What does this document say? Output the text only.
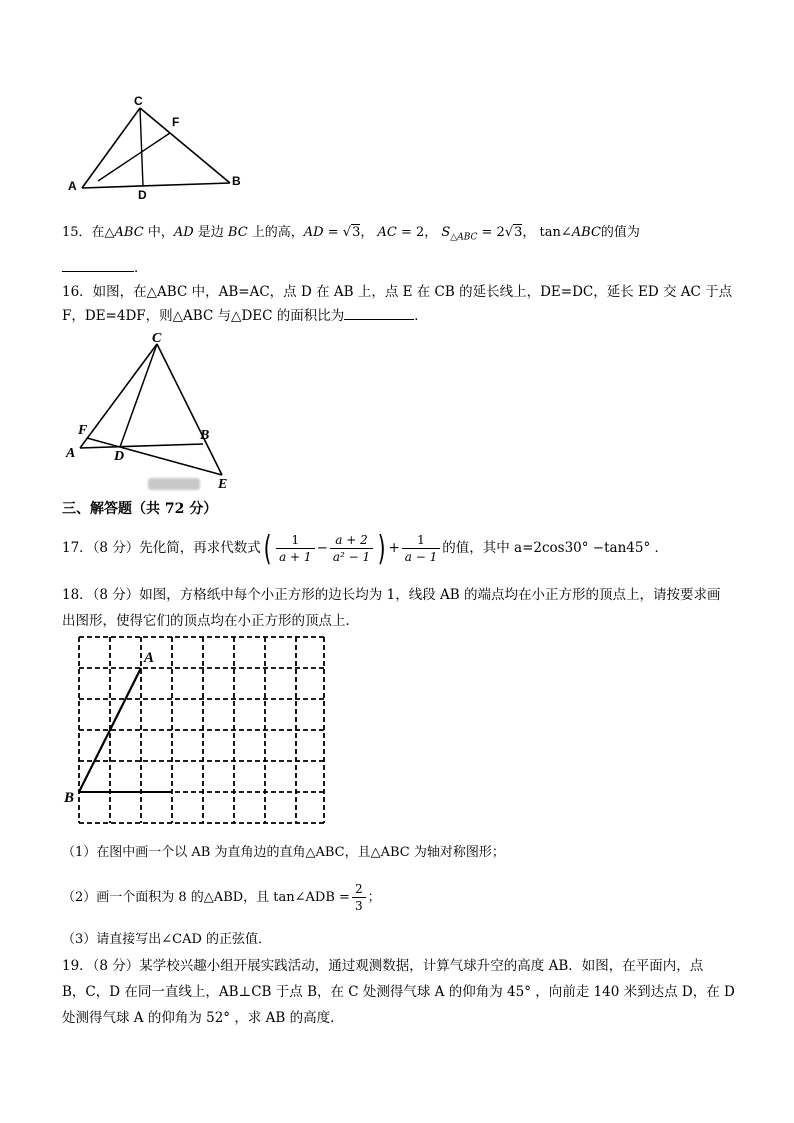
C
F
A
D
B
15．在△ABC 中，AD 是边 BC 上的高，AD = √3， AC = 2， $S_{\triangle ABC} = 2√3$， tan∠ABC的值为
．
16．如图，在△ABC 中，AB=AC，点 D 在 AB 上，点 E 在 CB 的延长线上，DE=DC，延长 ED 交 AC 于点
F，DE=4DF，则△ABC 与△DEC 的面积比为	．
C
F	B
A	D
E
三、解答题（共 72 分）
17．（8 分）先化简，再求代数式( $\frac{1}{a + 1} - \frac{a + 2}{\text{a² − 1}}$ ) + $\frac{1}{a - 1}$ 的值，其中 a=2cos30° −tan45° ．
18．（8 分）如图，方格纸中每个小正方形的边长均为 1，线段 AB 的端点均在小正方形的顶点上，请按要求画
出图形，使得它们的顶点均在小正方形的顶点上．
A
B
（1）在图中画一个以 AB 为直角边的直角△ABC，且△ABC 为轴对称图形；
（2）画一个面积为 8 的△ABD，且 tan∠ADB = $\frac{2}{3}$ ；
（3）请直接写出∠CAD 的正弦值．
19．（8 分）某学校兴趣小组开展实践活动，通过观测数据，计算气球升空的高度 AB．如图，在平面内，点
B，C，D 在同一直线上，AB⊥CB 于点 B，在 C 处测得气球 A 的仰角为 45° ，向前走 140 米到达点 D，在 D
处测得气球 A 的仰角为 52° ，求 AB 的高度．
